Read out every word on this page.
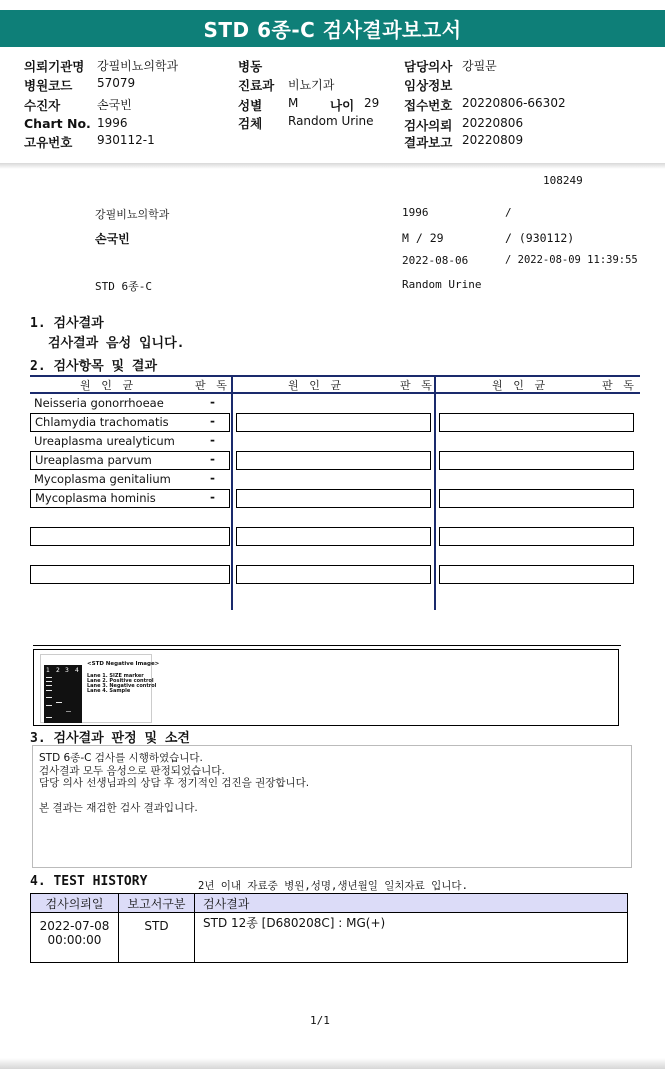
STD 6종-C 검사결과보고서
의뢰기관명 강필비뇨의학과
병원코드 57079
수진자	손국빈
Chart No. 1996
고유번호 930112-1
병동
진료과 비뇨기과
성별 M	나이 29
검체 Random Urine
담당의사 강필문
임상정보
접수번호 20220806-66302
검사의뢰 20220806
결과보고 20220809
108249
강필비뇨의학과	1996	/
손국빈	M / 29	/ (930112)
2022-08-06	/ 2022-08-09 11:39:55
STD 6종-C	Random Urine
1. 검사결과
검사결과 음성 입니다.
2. 검사항목 및 결과
원 인 균	판 독	원 인 균	판 독	원 인 균	판 독
Neisseria gonorrhoeae	-
Chlamydia trachomatis	-
Ureaplasma urealyticum	-
Ureaplasma parvum	-
Mycoplasma genitalium	-
Mycoplasma hominis	-
1 2 3 4
<STD Negative Image>
Lane 1. SIZE marker
Lane 2. Positive control
Lane 3. Negative control
Lane 4. Sample
3. 검사결과 판정 및 소견
STD 6종-C 검사를 시행하였습니다.
검사결과 모두 음성으로 판정되었습니다.
담당 의사 선생님과의 상담 후 정기적인 검진을 권장합니다.
본 결과는 재검한 검사 결과입니다.
4. TEST HISTORY	2년 이내 자료중 병원,성명,생년월일 일치자료 입니다.
검사의뢰일	보고서구분	검사결과

2022-07-08
00:00:00	STD	STD 12종 [D680208C] : MG(+)
1/1
